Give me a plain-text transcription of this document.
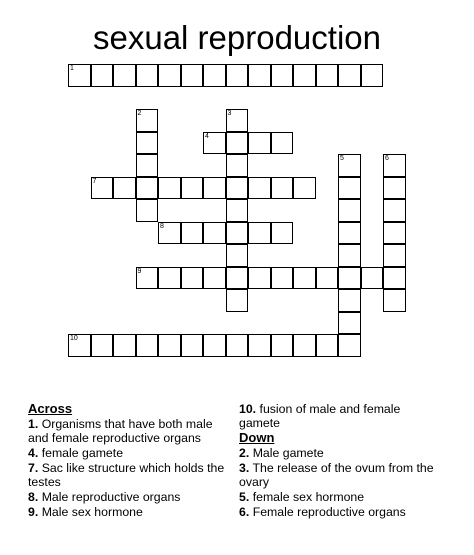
sexual reproduction
1
2	3
4
5	6
7
8
9
10
Across
1. Organisms that have both male and female reproductive organs
4. female gamete
7. Sac like structure which holds the testes
8. Male reproductive organs
9. Male sex hormone
10. fusion of male and female gamete
Down
2. Male gamete
3. The release of the ovum from the ovary
5. female sex hormone
6. Female reproductive organs
